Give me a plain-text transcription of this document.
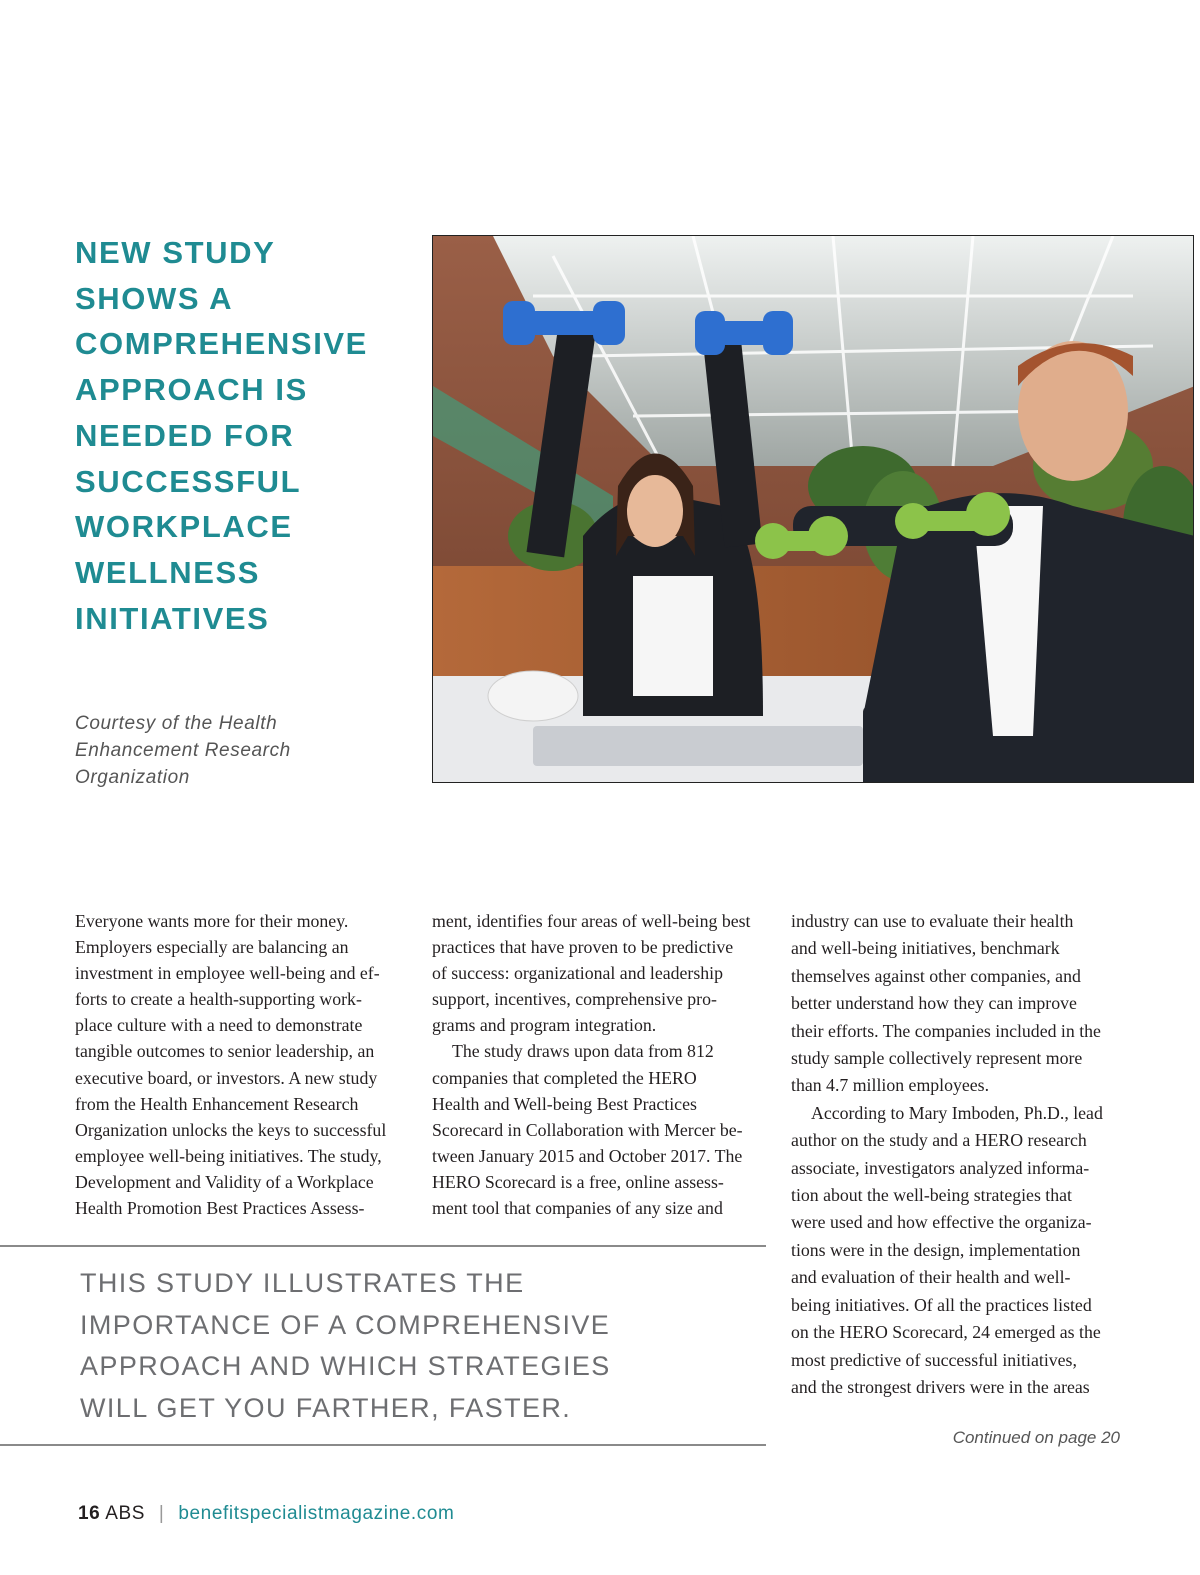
NEW STUDY
SHOWS A
COMPREHENSIVE
APPROACH IS
NEEDED FOR
SUCCESSFUL
WORKPLACE
WELLNESS
INITIATIVES
Courtesy of the Health
Enhancement Research
Organization
Everyone wants more for their money.
Employers especially are balancing an
investment in employee well-being and ef-
forts to create a health-supporting work-
place culture with a need to demonstrate
tangible outcomes to senior leadership, an
executive board, or investors. A new study
from the Health Enhancement Research
Organization unlocks the keys to successful
employee well-being initiatives. The study,
Development and Validity of a Workplace
Health Promotion Best Practices Assess-
ment, identifies four areas of well-being best
practices that have proven to be predictive
of success: organizational and leadership
support, incentives, comprehensive pro-
grams and program integration.
The study draws upon data from 812
companies that completed the HERO
Health and Well-being Best Practices
Scorecard in Collaboration with Mercer be-
tween January 2015 and October 2017. The
HERO Scorecard is a free, online assess-
ment tool that companies of any size and
industry can use to evaluate their health
and well-being initiatives, benchmark
themselves against other companies, and
better understand how they can improve
their efforts. The companies included in the
study sample collectively represent more
than 4.7 million employees.
According to Mary Imboden, Ph.D., lead
author on the study and a HERO research
associate, investigators analyzed informa-
tion about the well-being strategies that
were used and how effective the organiza-
tions were in the design, implementation
and evaluation of their health and well-
being initiatives. Of all the practices listed
on the HERO Scorecard, 24 emerged as the
most predictive of successful initiatives,
and the strongest drivers were in the areas
THIS STUDY ILLUSTRATES THE
IMPORTANCE OF A COMPREHENSIVE
APPROACH AND WHICH STRATEGIES
WILL GET YOU FARTHER, FASTER.
Continued on page 20
16 ABS | benefitspecialistmagazine.com
